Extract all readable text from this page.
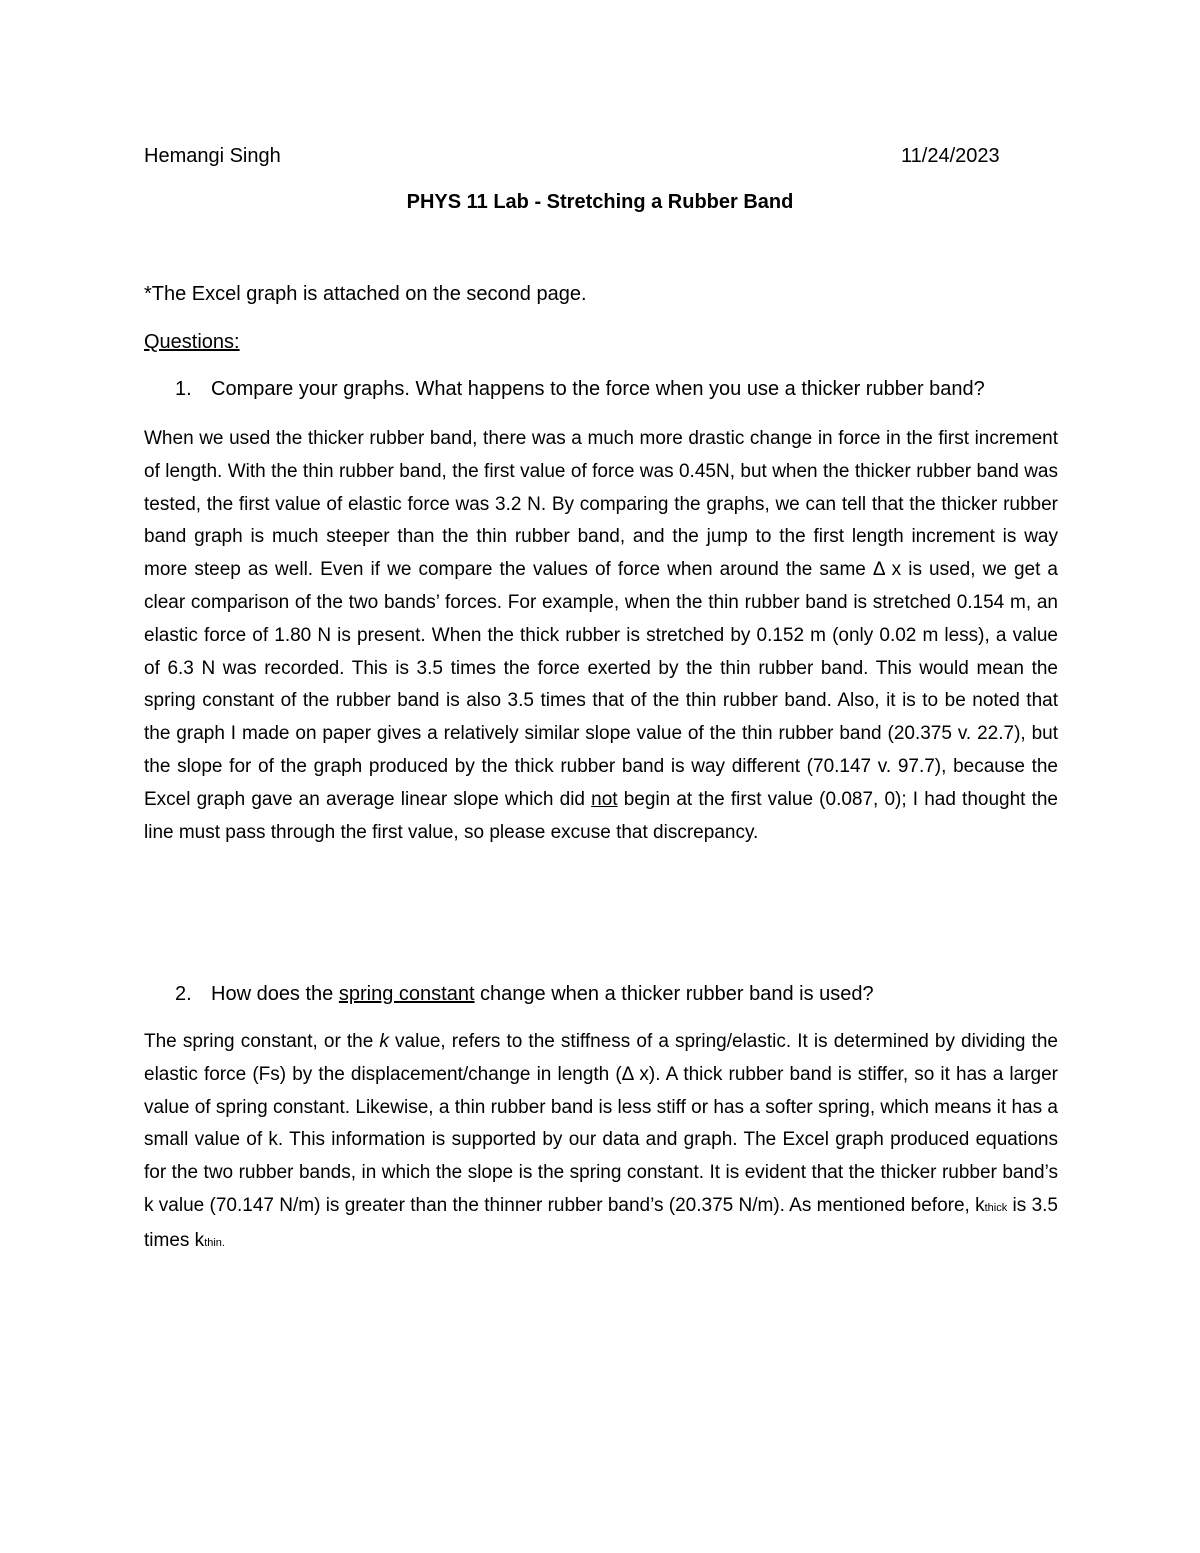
Hemangi Singh	11/24/2023
PHYS 11 Lab - Stretching a Rubber Band
*The Excel graph is attached on the second page.
Questions:
1. Compare your graphs. What happens to the force when you use a thicker rubber band?
When we used the thicker rubber band, there was a much more drastic change in force in the first increment of length. With the thin rubber band, the first value of force was 0.45N, but when the thicker rubber band was tested, the first value of elastic force was 3.2 N. By comparing the graphs, we can tell that the thicker rubber band graph is much steeper than the thin rubber band, and the jump to the first length increment is way more steep as well. Even if we compare the values of force when around the same Δ x is used, we get a clear comparison of the two bands’ forces. For example, when the thin rubber band is stretched 0.154 m, an elastic force of 1.80 N is present. When the thick rubber is stretched by 0.152 m (only 0.02 m less), a value of 6.3 N was recorded. This is 3.5 times the force exerted by the thin rubber band. This would mean the spring constant of the rubber band is also 3.5 times that of the thin rubber band. Also, it is to be noted that the graph I made on paper gives a relatively similar slope value of the thin rubber band (20.375 v. 22.7), but the slope for of the graph produced by the thick rubber band is way different (70.147 v. 97.7), because the Excel graph gave an average linear slope which did not begin at the first value (0.087, 0); I had thought the line must pass through the first value, so please excuse that discrepancy.
2. How does the spring constant change when a thicker rubber band is used?
The spring constant, or the k value, refers to the stiffness of a spring/elastic. It is determined by dividing the elastic force (Fs) by the displacement/change in length (Δ x). A thick rubber band is stiffer, so it has a larger value of spring constant. Likewise, a thin rubber band is less stiff or has a softer spring, which means it has a small value of k. This information is supported by our data and graph. The Excel graph produced equations for the two rubber bands, in which the slope is the spring constant. It is evident that the thicker rubber band’s k value (70.147 N/m) is greater than the thinner rubber band’s (20.375 N/m). As mentioned before, kthick is 3.5 times kthin.
